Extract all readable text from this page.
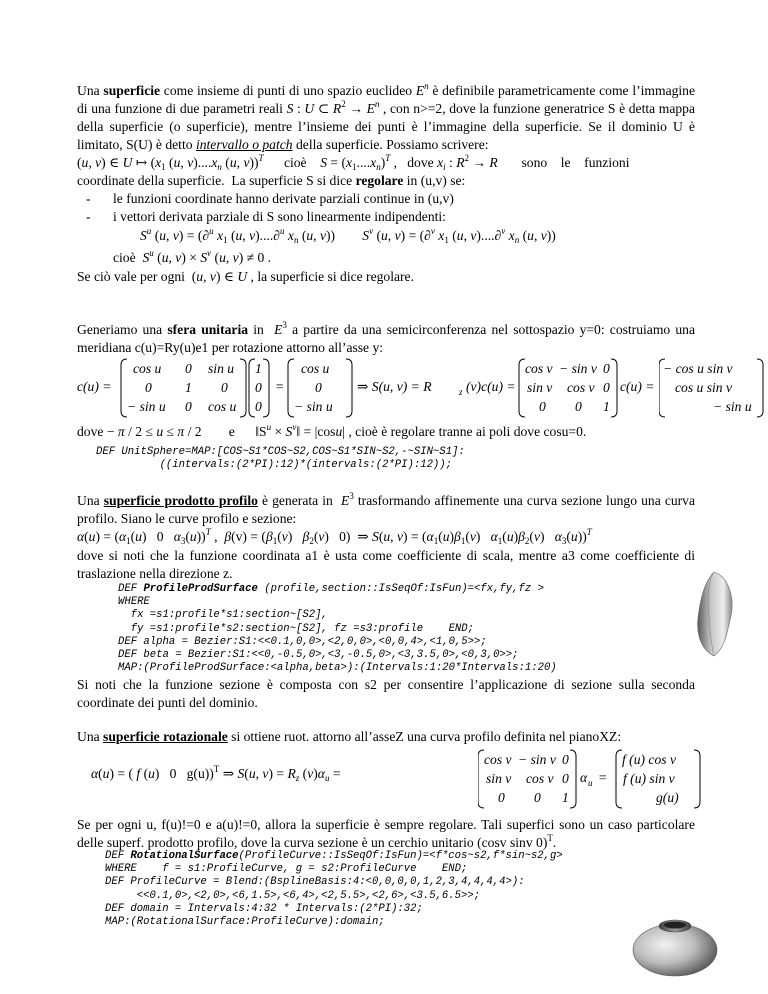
Una superficie come insieme di punti di uno spazio euclideo $E^n$ è definibile parametricamente come l’immagine di una funzione di due parametri reali S : U ⊂ $R^2 \to E^n$ , con n>=2, dove la funzione generatrice S è detta mappa della superficie (o superficie), mentre l’insieme dei punti è l’immagine della superficie. Se il dominio U è limitato, S(U) è detto intervallo o patch della superficie. Possiamo scrivere:

(u, v) ∈ U ↦ ($x_1$ (u, $v)....x_n$ (u, v))$^T$      cioè    $S = (x_1....x_n)^T$ ,   dove $x_i$ : $R^2 \to R$       sono    le    funzioni
coordinate della superficie.  La superficie S si dice regolare in (u,v) se:
- le funzioni coordinate hanno derivate parziali continue in (u,v)
- i vettori derivata parziale di S sono linearmente indipendenti:
$S^u$ (u, v) = (∂$^u$ $x_1$ (u, v)....∂$^u$ $x_n$ (u, v))        $S^v$ (u, v) = (∂$^v$ $x_1$ (u, v)....∂$^v$ $x_n$ (u, v))
cioè  $S^u$ (u, $v) \times S^v$ (u, v) ≠ 0 .
Se ciò vale per ogni  (u, v) ∈ U , la superficie si dice regolare.

Generiamo una sfera unitaria in  $E^3$ a partire da una semicirconferenza nel sottospazio y=0: costruiamo una meridiana c(u)=Ry(u)e1 per rotazione attorno all’asse y:

c(u) =
cos u 0 sin u
0 1 0
− sin u 0 cos u
1
0
0
=
cos u
0
− sin u
⇒ S(u, v) = R	z (v)c(u) =
cos v − sin v 0
sin v cos v 0
0 0 1
c(u) =
− cos u sin v
cos u sin v
− sin u
dove − π / 2 ≤ u ≤ π / 2        e      $‖S^u$ × $S^v‖ = |\cos u|$ , cioè è regolare tranne ai poli dove cosu=0.
DEF UnitSphere=MAP:[COS~S1*COS~S2,COS~S1*SIN~S2,-~SIN~S1]:
((intervals:(2*PI):12)*(intervals:(2*PI):12));

Una superficie prodotto profilo è generata in  $E^3$ trasformando affinemente una curva sezione lungo una curva profilo. Siano le curve profilo e sezione:

$\alpha(u) = (\alpha_1(u)$   0   $\alpha_3(u))^T$ ,  $\beta(v) = (\beta_1(v)$   $\beta_2(v)$   0)  ⇒ S(u, $v) = (\alpha_1(u)\beta_1(v)$   $\alpha_1(u)\beta_2(v)$   $\alpha_3(u))^T$

dove si noti che la funzione coordinata a1 è usta come coefficiente di scala, mentre a3 come coefficiente di traslazione nella direzione z.

DEF ProfileProdSurface (profile,section::IsSeqOf:IsFun)=<fx,fy,fz >
WHERE
fx =s1:profile*s1:section~[S2],
fy =s1:profile*s2:section~[S2], fz =s3:profile    END;
DEF alpha = Bezier:S1:<<0.1,0,0>,<2,0,0>,<0,0,4>,<1,0,5>>;
DEF beta = Bezier:S1:<<0,-0.5,0>,<3,-0.5,0>,<3,3.5,0>,<0,3,0>>;
MAP:(ProfileProdSurface:<alpha,beta>):(Intervals:1:20*Intervals:1:20)

Si noti che la funzione sezione è composta con s2 per consentire l’applicazione di sezione sulla seconda coordinate dei punti del dominio.

Una superficie rotazionale si ottiene ruot. attorno all’asseZ una curva profilo definita nel pianoXZ:
α(u) = ( f (u)   0   g(u))$^T$ ⇒ S(u, $v) = R_z$ $(v)\alpha_u$ =
cos v − sin v 0
sin v cos v 0
0 0 1
α u =
f (u) cos v
f (u) sin v
g(u)

Se per ogni u, f(u)!=0 e a(u)!=0, allora la superficie è sempre regolare. Tali superfici sono un caso particolare delle superf. prodotto profilo, dove la curva sezione è un cerchio unitario (cosv sinv 0)$^T$.

DEF RotationalSurface(ProfileCurve::IsSeqOf:IsFun)=<f*cos~s2,f*sin~s2,g>
WHERE    f = s1:ProfileCurve, g = s2:ProfileCurve    END;
DEF ProfileCurve = Blend:(BsplineBasis:4:<0,0,0,0,1,2,3,4,4,4,4>):
<<0.1,0>,<2,0>,<6,1.5>,<6,4>,<2,5.5>,<2,6>,<3.5,6.5>>;
DEF domain = Intervals:4:32 * Intervals:(2*PI):32;
MAP:(RotationalSurface:ProfileCurve):domain;
